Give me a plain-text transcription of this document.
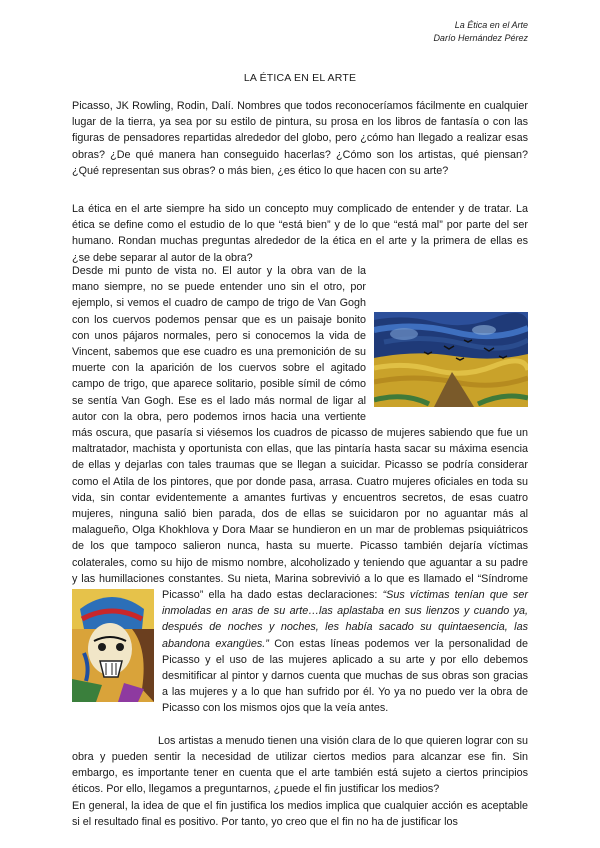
La Ética en el Arte
Darío Hernández Pérez
LA ÉTICA EN EL ARTE

Picasso, JK Rowling, Rodin, Dalí. Nombres que todos reconoceríamos fácilmente en cualquier lugar de la tierra, ya sea por su estilo de pintura, su prosa en los libros de fantasía o con las figuras de pensadores repartidas alrededor del globo, pero ¿cómo han llegado a realizar esas obras? ¿De qué manera han conseguido hacerlas? ¿Cómo son los artistas, qué piensan? ¿Qué representan sus obras? o más bien, ¿es ético lo que hacen con su arte?

La ética en el arte siempre ha sido un concepto muy complicado de entender y de tratar. La ética se define como el estudio de lo que “está bien” y de lo que “está mal” por parte del ser humano. Rondan muchas preguntas alrededor de la ética en el arte y la primera de ellas es ¿se debe separar al autor de la obra?

Desde mi punto de vista no. El autor y la obra van de la mano siempre, no se puede entender uno sin el otro, por ejemplo, si vemos el cuadro de campo de trigo de Van Gogh con los cuervos podemos pensar que es un paisaje bonito con unos pájaros normales, pero si conocemos la vida de Vincent, sabemos que ese cuadro es una premonición de su muerte con la aparición de los cuervos sobre el agitado campo de trigo, que aparece solitario, posible símil de cómo se sentía Van Gogh. Ese es el lado más normal de ligar al autor con la obra, pero podemos irnos hacia una vertiente más oscura, que pasaría si viésemos los cuadros de picasso de mujeres sabiendo que fue un maltratador, machista y oportunista con ellas, que las pintaría hasta sacar su máxima esencia de ellas y dejarlas con tales traumas que se llegan a suicidar. Picasso se podría considerar como el Atila de los pintores, que por donde pasa, arrasa. Cuatro mujeres oficiales en toda su vida, sin contar evidentemente a amantes furtivas y encuentros secretos, de esas cuatro mujeres, ninguna salió bien parada, dos de ellas se suicidaron por no aguantar más al malagueño, Olga Khokhlova y Dora Maar se hundieron en un mar de problemas psiquiátricos de los que tampoco salieron nunca, hasta su muerte. Picasso también dejaría víctimas colaterales, como su hijo de mismo nombre, alcoholizado y teniendo que aguantar a su padre y las humillaciones constantes. Su nieta, Marina sobrevivió a lo que es llamado el “Síndrome Picasso” ella ha dado estas declaraciones:
“Sus víctimas tenían que ser inmoladas en aras de su arte…las aplastaba en sus lienzos y cuando ya, después de noches y noches, les había sacado su quintaesencia, las abandona exangües.” Con estas líneas podemos ver la personalidad de Picasso y el uso de las mujeres aplicado a su arte y por ello debemos desmitificar al pintor y darnos cuenta que muchas de sus obras son gracias a las mujeres y a lo que han sufrido por él. Yo ya no puedo ver la obra de Picasso con los mismos ojos que la veía antes.

Los artistas a menudo tienen una visión clara de lo que quieren lograr con su obra y pueden sentir la necesidad de utilizar ciertos medios para alcanzar ese fin. Sin embargo, es importante tener en cuenta que el arte también está sujeto a ciertos principios éticos. Por ello, llegamos a preguntarnos, ¿puede el fin justificar los medios?

En general, la idea de que el fin justifica los medios implica que cualquier acción es aceptable si el resultado final es positivo. Por tanto, yo creo que el fin no ha de justificar los
